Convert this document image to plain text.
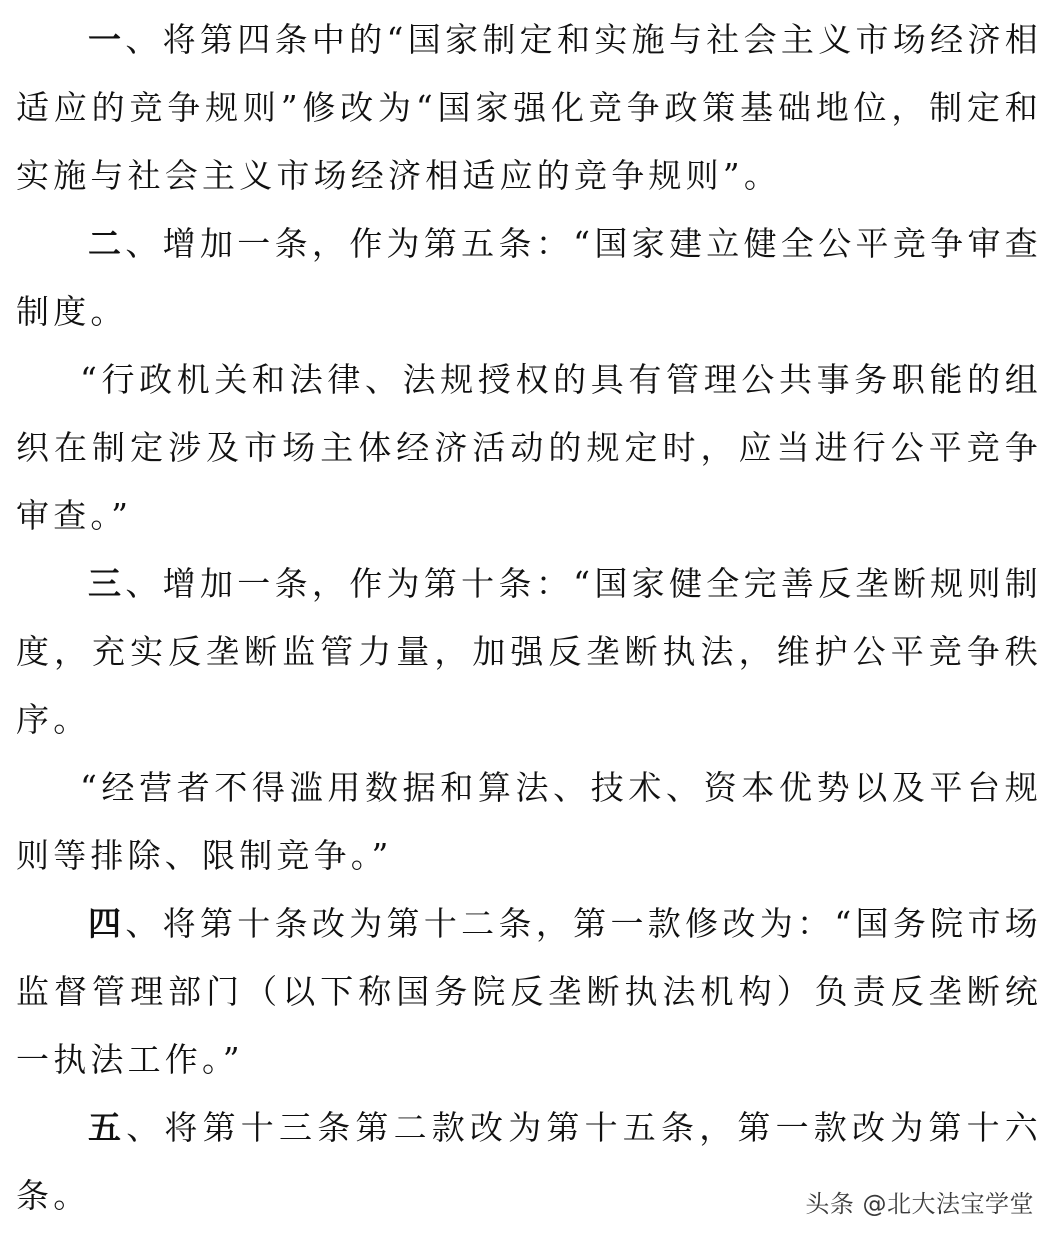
一、将第四条中的“国家制定和实施与社会主义市场经济相适应的竞争规则”修改为“国家强化竞争政策基础地位，制定和实施与社会主义市场经济相适应的竞争规则”。

二、增加一条，作为第五条：“国家建立健全公平竞争审查制度。

“行政机关和法律、法规授权的具有管理公共事务职能的组织在制定涉及市场主体经济活动的规定时，应当进行公平竞争审查。”

三、增加一条，作为第十条：“国家健全完善反垄断规则制度，充实反垄断监管力量，加强反垄断执法，维护公平竞争秩序。

“经营者不得滥用数据和算法、技术、资本优势以及平台规则等排除、限制竞争。”

四、将第十条改为第十二条，第一款修改为：“国务院市场监督管理部门（以下称国务院反垄断执法机构）负责反垄断统一执法工作。”

五、将第十三条第二款改为第十五条，第一款改为第十六条。	头条 @北大法宝学堂
